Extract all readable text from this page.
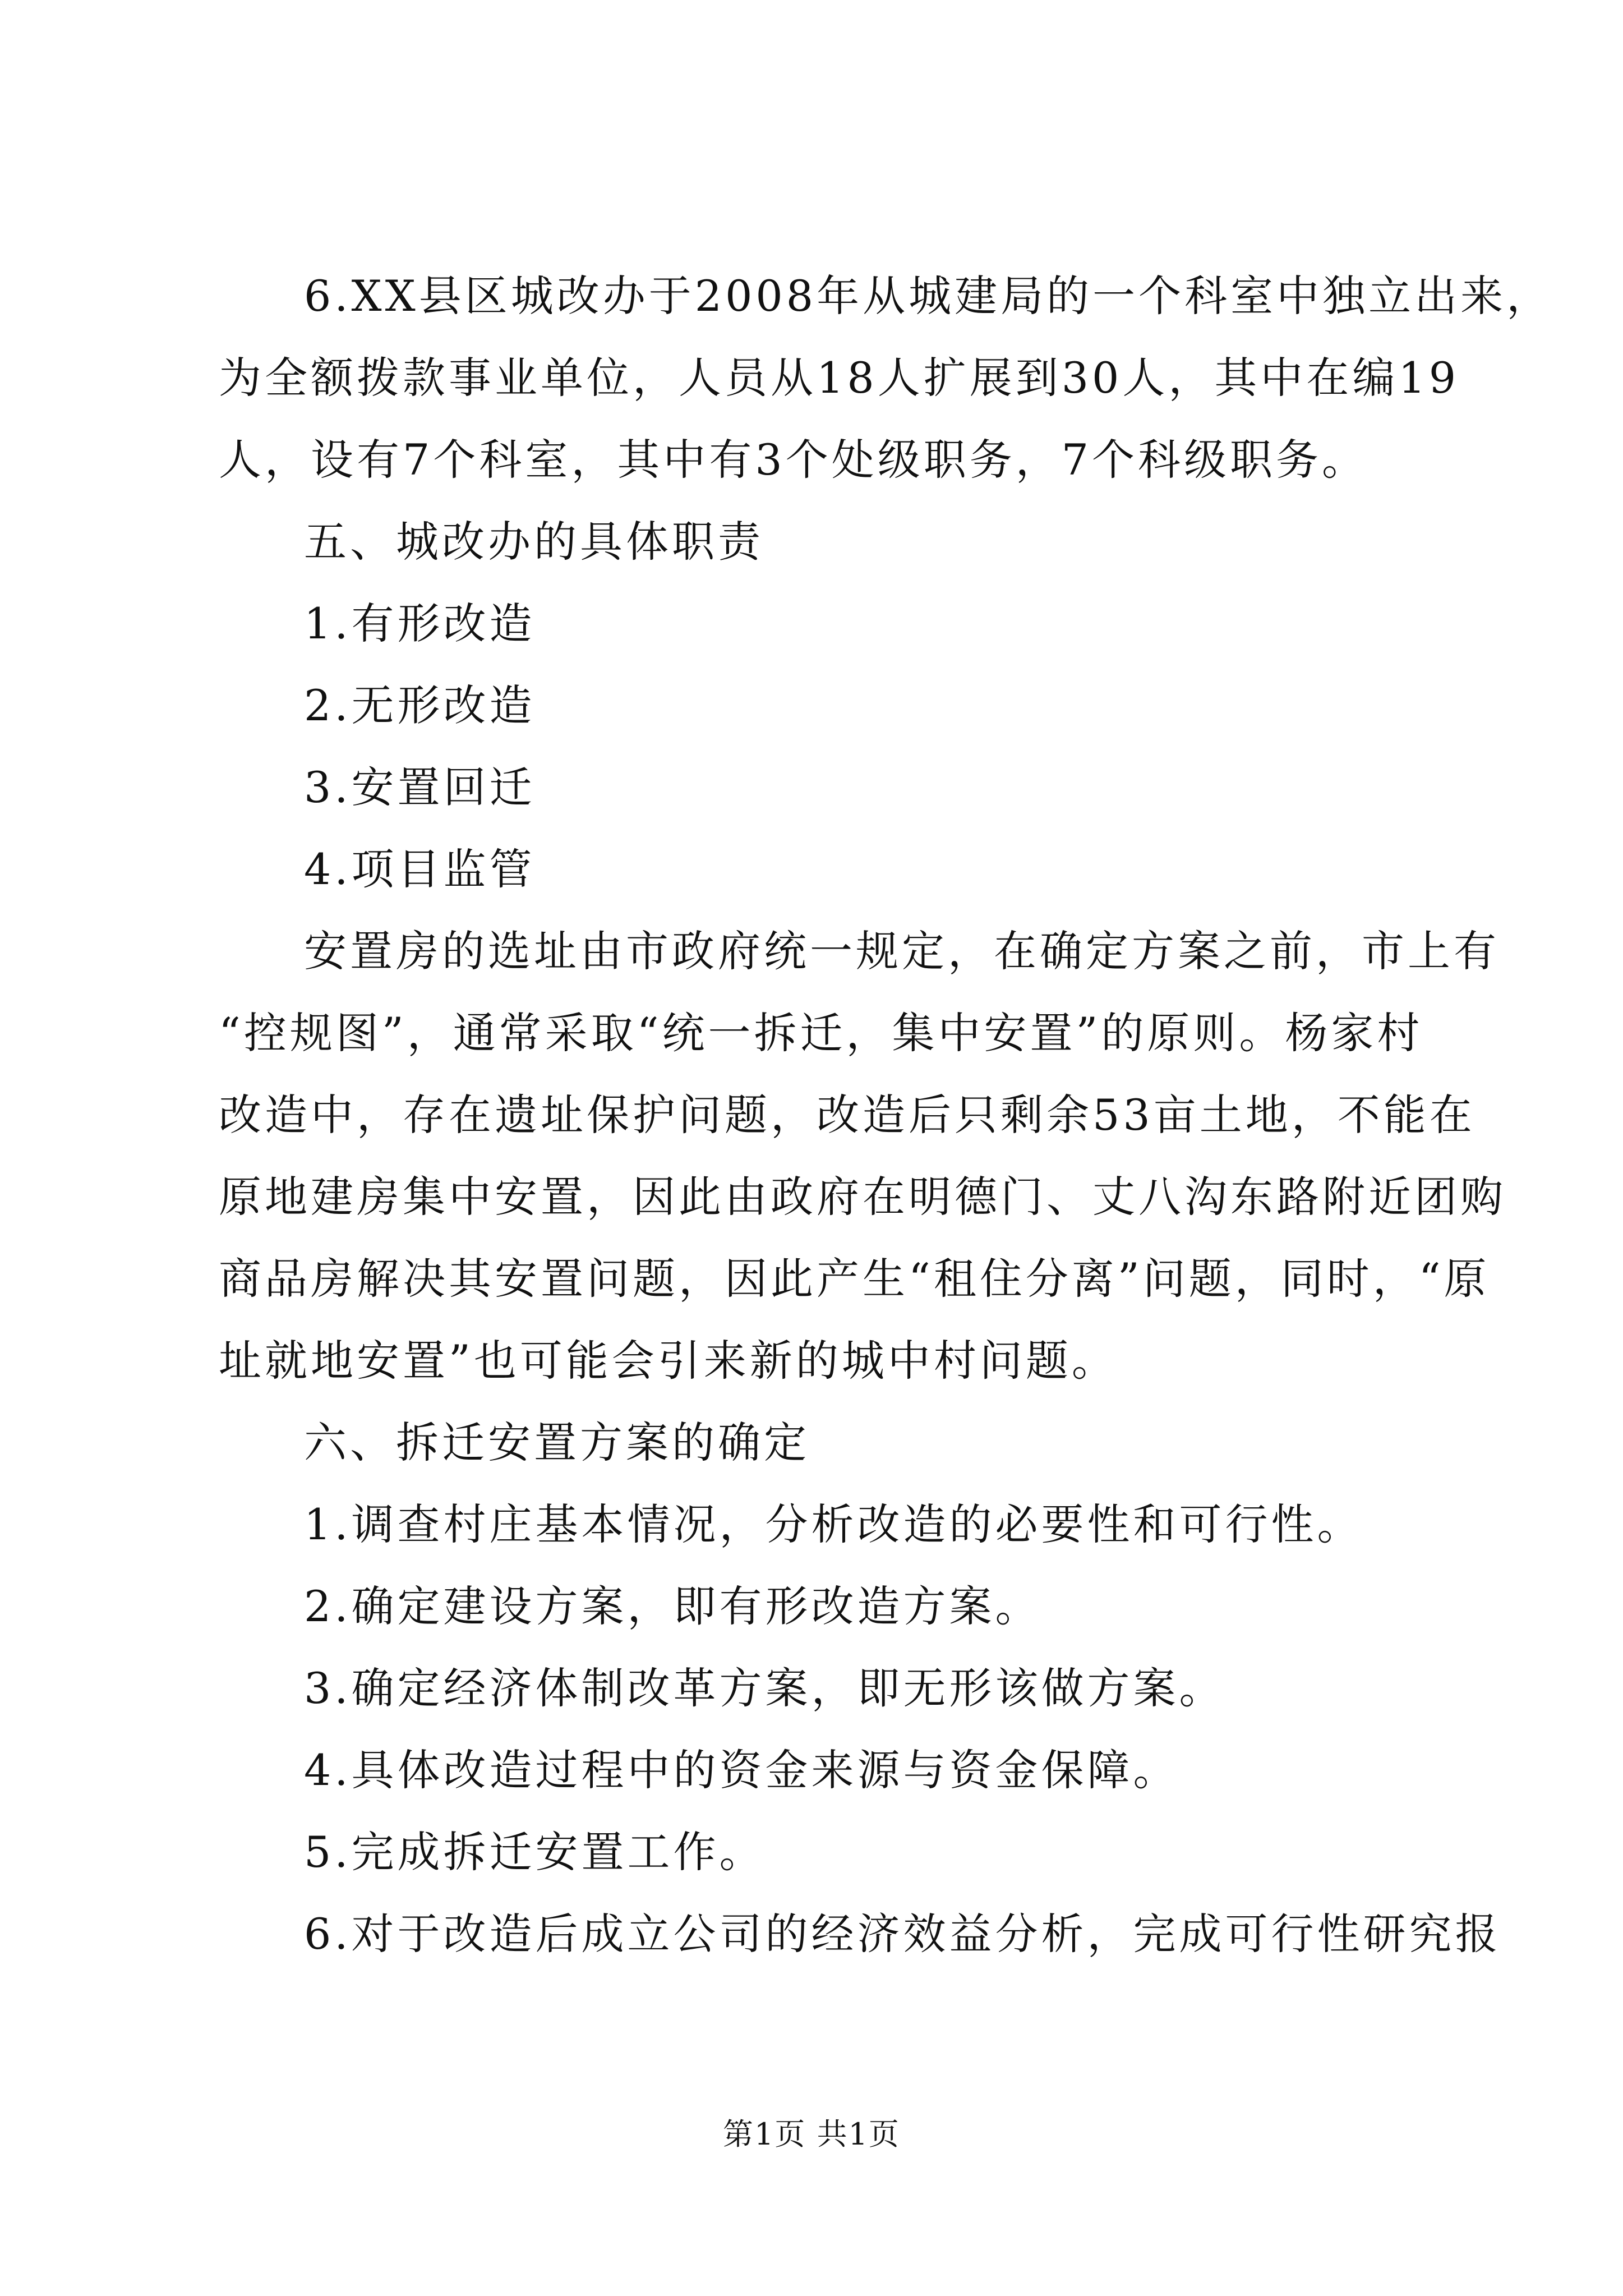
6.XX县区城改办于2008年从城建局的一个科室中独立出来，
为全额拨款事业单位，人员从18人扩展到30人，其中在编19
人，设有7个科室，其中有3个处级职务，7个科级职务。
五、城改办的具体职责
1.有形改造
2.无形改造
3.安置回迁
4.项目监管
安置房的选址由市政府统一规定，在确定方案之前，市上有
“控规图”，通常采取“统一拆迁，集中安置”的原则。杨家村
改造中，存在遗址保护问题，改造后只剩余53亩土地，不能在
原地建房集中安置，因此由政府在明德门、丈八沟东路附近团购
商品房解决其安置问题，因此产生“租住分离”问题，同时，“原
址就地安置”也可能会引来新的城中村问题。
六、拆迁安置方案的确定
1.调查村庄基本情况，分析改造的必要性和可行性。
2.确定建设方案，即有形改造方案。
3.确定经济体制改革方案，即无形该做方案。
4.具体改造过程中的资金来源与资金保障。
5.完成拆迁安置工作。
6.对于改造后成立公司的经济效益分析，完成可行性研究报
第1页 共1页
